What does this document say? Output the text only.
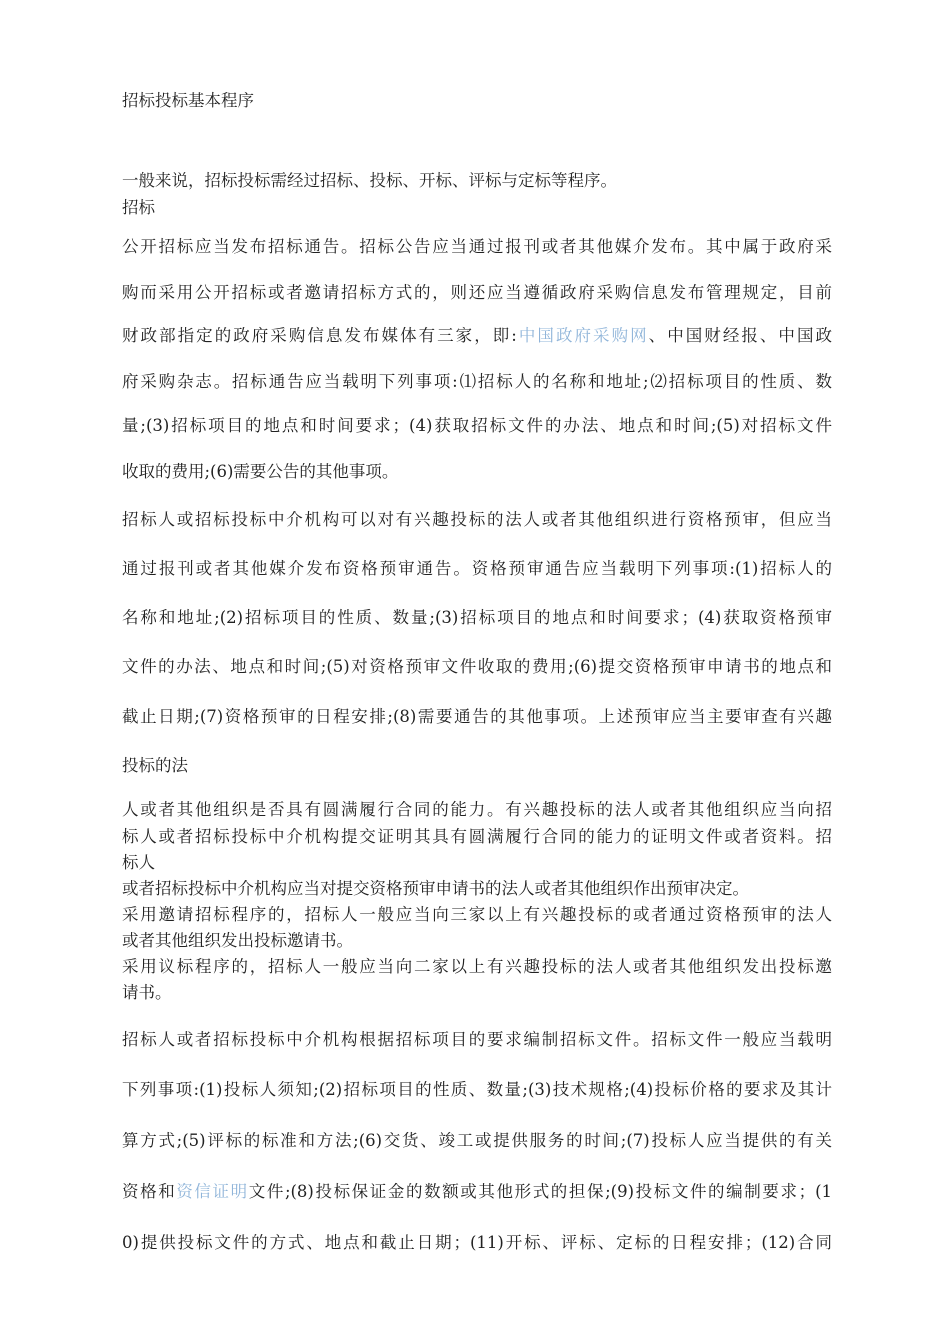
招标投标基本程序
一般来说，招标投标需经过招标、投标、开标、评标与定标等程序。
招标
公开招标应当发布招标通告。招标公告应当通过报刊或者其他媒介发布。其中属于政府采
购而采用公开招标或者邀请招标方式的，则还应当遵循政府采购信息发布管理规定，目前
财政部指定的政府采购信息发布媒体有三家，即:中国政府采购网、中国财经报、中国政
府采购杂志。招标通告应当载明下列事项:⑴招标人的名称和地址;⑵招标项目的性质、数
量;(3)招标项目的地点和时间要求；(4)获取招标文件的办法、地点和时间;(5)对招标文件
收取的费用;(6)需要公告的其他事项。
招标人或招标投标中介机构可以对有兴趣投标的法人或者其他组织进行资格预审，但应当
通过报刊或者其他媒介发布资格预审通告。资格预审通告应当载明下列事项:(1)招标人的
名称和地址;(2)招标项目的性质、数量;(3)招标项目的地点和时间要求；(4)获取资格预审
文件的办法、地点和时间;(5)对资格预审文件收取的费用;(6)提交资格预审申请书的地点和
截止日期;(7)资格预审的日程安排;(8)需要通告的其他事项。上述预审应当主要审查有兴趣
投标的法
人或者其他组织是否具有圆满履行合同的能力。有兴趣投标的法人或者其他组织应当向招
标人或者招标投标中介机构提交证明其具有圆满履行合同的能力的证明文件或者资料。招
标人
或者招标投标中介机构应当对提交资格预审申请书的法人或者其他组织作出预审决定。
采用邀请招标程序的，招标人一般应当向三家以上有兴趣投标的或者通过资格预审的法人
或者其他组织发出投标邀请书。
采用议标程序的，招标人一般应当向二家以上有兴趣投标的法人或者其他组织发出投标邀
请书。
招标人或者招标投标中介机构根据招标项目的要求编制招标文件。招标文件一般应当载明
下列事项:(1)投标人须知;(2)招标项目的性质、数量;(3)技术规格;(4)投标价格的要求及其计
算方式;(5)评标的标准和方法;(6)交货、竣工或提供服务的时间;(7)投标人应当提供的有关
资格和资信证明文件;(8)投标保证金的数额或其他形式的担保;(9)投标文件的编制要求；(1
0)提供投标文件的方式、地点和截止日期；(11)开标、评标、定标的日程安排；(12)合同
